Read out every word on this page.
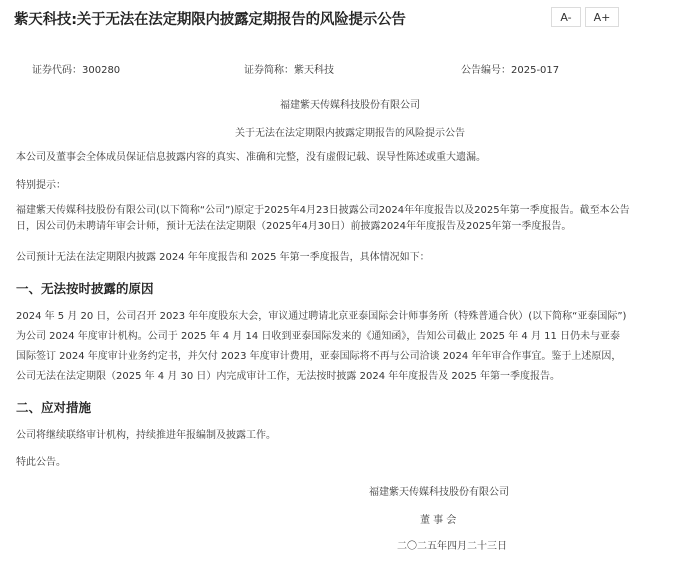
紫天科技:关于无法在法定期限内披露定期报告的风险提示公告	A-	A+
证券代码：300280	证券简称：紫天科技	公告编号：2025-017
福建紫天传媒科技股份有限公司
关于无法在法定期限内披露定期报告的风险提示公告

本公司及董事会全体成员保证信息披露内容的真实、准确和完整，没有虚假记载、误导性陈述或重大遗漏。

特别提示：

福建紫天传媒科技股份有限公司(以下简称“公司”)原定于2025年4月23日披露公司2024年年度报告以及2025年第一季度报告。截至本公告日，因公司仍未聘请年审会计师，预计无法在法定期限（2025年4月30日）前披露2024年年度报告及2025年第一季度报告。

公司预计无法在法定期限内披露 2024 年年度报告和 2025 年第一季度报告，具体情况如下：

一、无法按时披露的原因

2024 年 5 月 20 日，公司召开 2023 年年度股东大会，审议通过聘请北京亚泰国际会计师事务所（特殊普通合伙）(以下简称“亚泰国际”)为公司 2024 年度审计机构。公司于 2025 年 4 月 14 日收到亚泰国际发来的《通知函》，告知公司截止 2025 年 4 月 11 日仍未与亚泰国际签订 2024 年度审计业务约定书，并欠付 2023 年度审计费用，亚泰国际将不再与公司洽谈 2024 年年审合作事宜。鉴于上述原因，公司无法在法定期限（2025 年 4 月 30 日）内完成审计工作，无法按时披露 2024 年年度报告及 2025 年第一季度报告。

二、应对措施

公司将继续联络审计机构，持续推进年报编制及披露工作。

特此公告。

福建紫天传媒科技股份有限公司
董 事 会
二〇二五年四月二十三日
